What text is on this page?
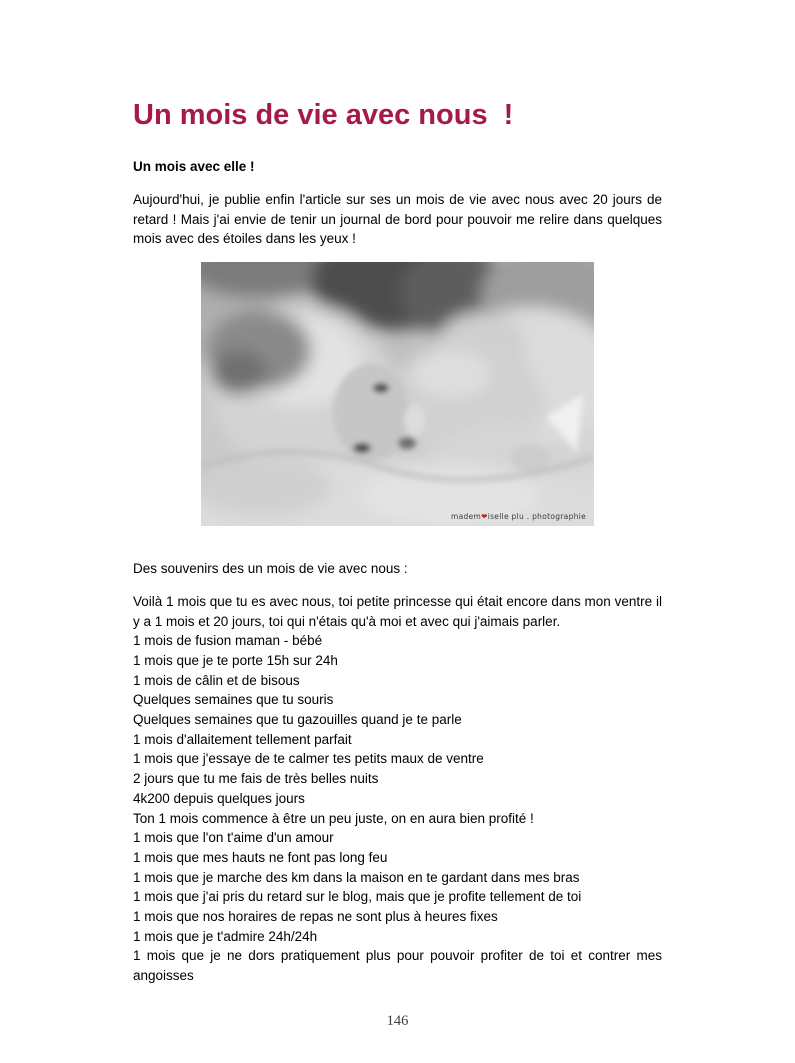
Un mois de vie avec nous  !

Un mois avec elle !

Aujourd'hui, je publie enfin l'article sur ses un mois de vie avec nous avec 20 jours de retard ! Mais j'ai envie de tenir un journal de bord pour pouvoir me relire dans quelques mois avec des étoiles dans les yeux !

madem❤iselle plu . photographie

Des souvenirs des un mois de vie avec nous :

Voilà 1 mois que tu es avec nous, toi petite princesse qui était encore dans mon ventre il y a 1 mois et 20 jours, toi qui n'étais qu'à moi et avec qui j'aimais parler.

1 mois de fusion maman - bébé
1 mois que je te porte 15h sur 24h
1 mois de câlin et de bisous
Quelques semaines que tu souris
Quelques semaines que tu gazouilles quand je te parle
1 mois d'allaitement tellement parfait
1 mois que j'essaye de te calmer tes petits maux de ventre
2 jours que tu me fais de très belles nuits
4k200 depuis quelques jours
Ton 1 mois commence à être un peu juste, on en aura bien profité !
1 mois que l'on t'aime d'un amour
1 mois que mes hauts ne font pas long feu
1 mois que je marche des km dans la maison en te gardant dans mes bras
1 mois que j'ai pris du retard sur le blog, mais que je profite tellement de toi
1 mois que nos horaires de repas ne sont plus à heures fixes
1 mois que je t'admire 24h/24h
1 mois que je ne dors pratiquement plus pour pouvoir profiter de toi et contrer mes angoisses
146
